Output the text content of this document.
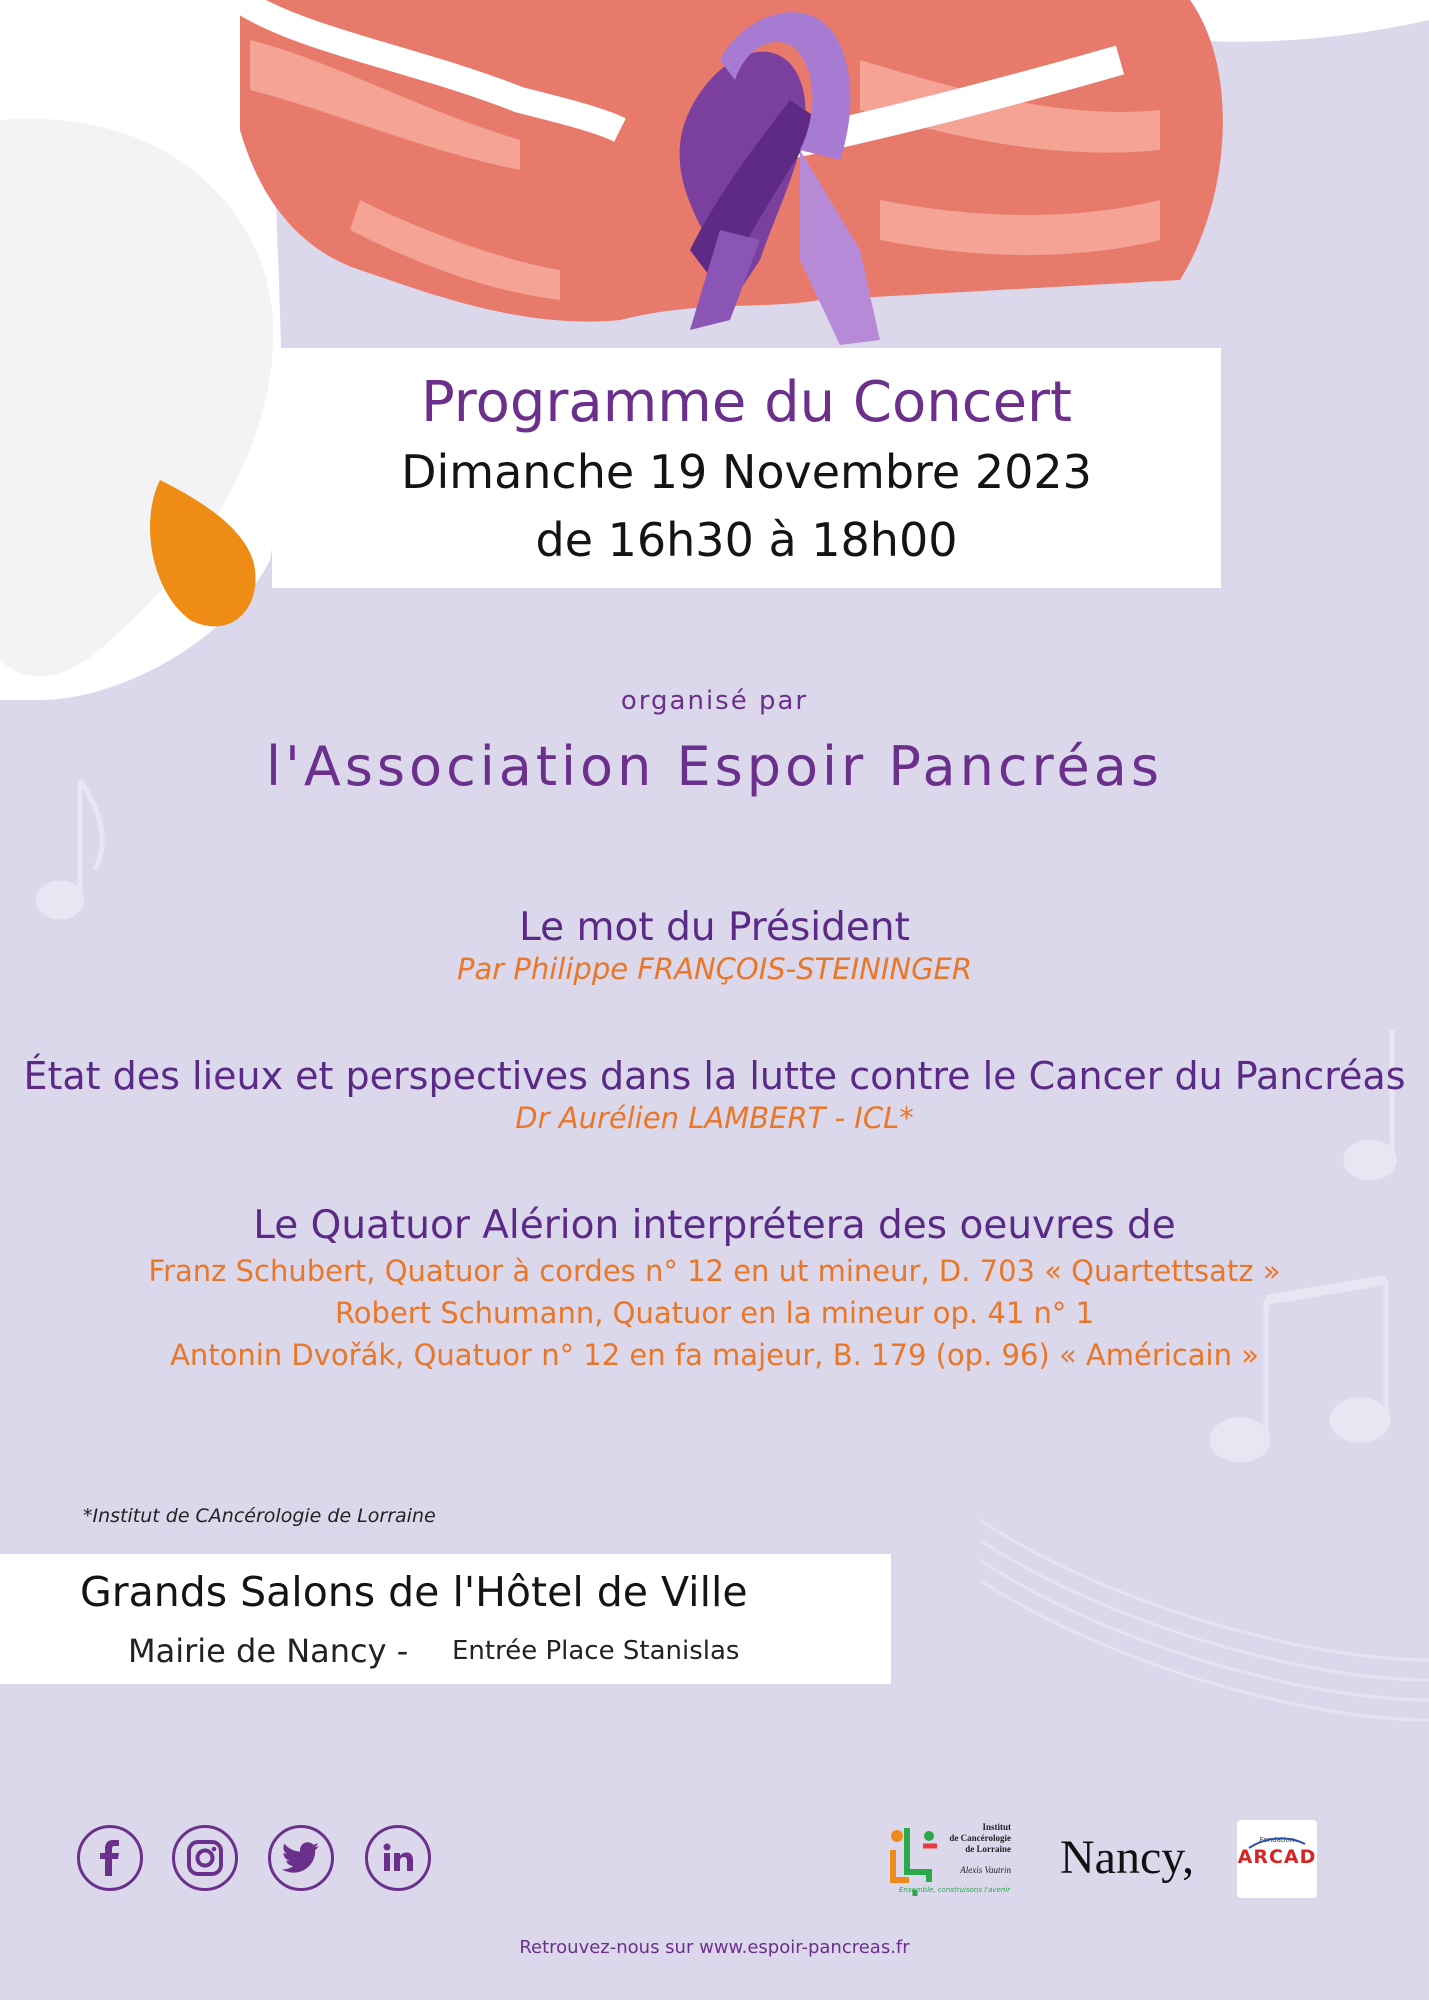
Programme du Concert
Dimanche 19 Novembre 2023
de 16h30 à 18h00
organisé par
l'Association Espoir Pancréas
Le mot du Président
Par Philippe FRANÇOIS-STEININGER
État des lieux et perspectives dans la lutte contre le Cancer du Pancréas
Dr Aurélien LAMBERT - ICL*
Le Quatuor Alérion interprétera des oeuvres de
Franz Schubert, Quatuor à cordes n° 12 en ut mineur, D. 703 « Quartettsatz »
Robert Schumann, Quatuor en la mineur op. 41 n° 1
Antonin Dvořák, Quatuor n° 12 en fa majeur, B. 179 (op. 96) « Américain »
*Institut de CAncérologie de Lorraine
Grands Salons de l'Hôtel de Ville
Mairie de Nancy - Entrée Place Stanislas
Institut
de Cancérologie
de Lorraine
Alexis Vautrin
Ensemble, construisons l'avenir
Nancy,	Fondation
ARCAD
Retrouvez-nous sur www.espoir-pancreas.fr
